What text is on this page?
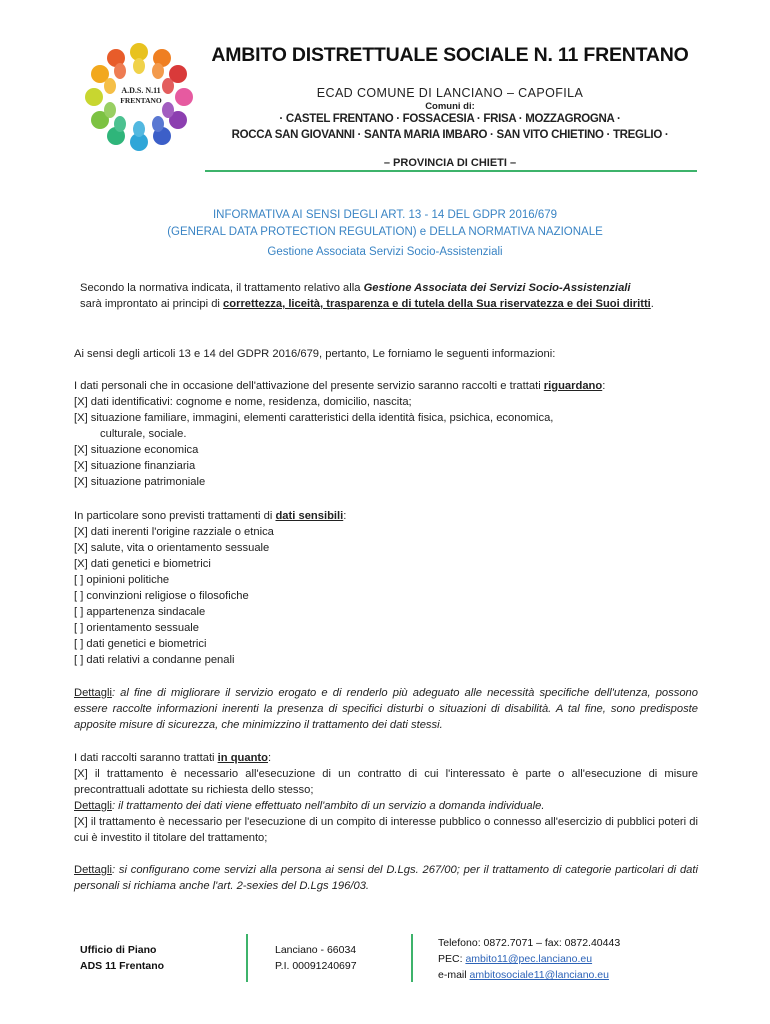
A.D.S. N.11
FRENTANO
AMBITO DISTRETTUALE SOCIALE N. 11 FRENTANO
ECAD COMUNE DI LANCIANO – CAPOFILA
Comuni di:
· CASTEL FRENTANO · FOSSACESIA · FRISA · MOZZAGROGNA ·
ROCCA SAN GIOVANNI · SANTA MARIA IMBARO · SAN VITO CHIETINO · TREGLIO ·
– PROVINCIA DI CHIETI –
INFORMATIVA AI SENSI DEGLI ART. 13 - 14 DEL GDPR 2016/679
(GENERAL DATA PROTECTION REGULATION) e DELLA NORMATIVA NAZIONALE
Gestione Associata Servizi Socio-Assistenziali

Secondo la normativa indicata, il trattamento relativo alla Gestione Associata dei Servizi Socio-Assistenziali
sarà improntato ai principi di correttezza, liceità, trasparenza e di tutela della Sua riservatezza e dei Suoi diritti.

Ai sensi degli articoli 13 e 14 del GDPR 2016/679, pertanto, Le forniamo le seguenti informazioni:

I dati personali che in occasione dell'attivazione del presente servizio saranno raccolti e trattati riguardano:

[X] dati identificativi: cognome e nome, residenza, domicilio, nascita;

[X] situazione familiare, immagini, elementi caratteristici della identità fisica, psichica, economica,

culturale, sociale.

[X] situazione economica

[X] situazione finanziaria

[X] situazione patrimoniale

In particolare sono previsti trattamenti di dati sensibili:

[X] dati inerenti l'origine razziale o etnica

[X] salute, vita o orientamento sessuale

[X] dati genetici e biometrici

[ ] opinioni politiche

[ ] convinzioni religiose o filosofiche

[ ] appartenenza sindacale

[ ] orientamento sessuale

[ ] dati genetici e biometrici

[ ] dati relativi a condanne penali

Dettagli: al fine di migliorare il servizio erogato e di renderlo più adeguato alle necessità specifiche dell'utenza, possono essere raccolte informazioni inerenti la presenza di specifici disturbi o situazioni di disabilità. A tal fine, sono predisposte apposite misure di sicurezza, che minimizzino il trattamento dei dati stessi.

I dati raccolti saranno trattati in quanto:

[X] il trattamento è necessario all'esecuzione di un contratto di cui l'interessato è parte o all'esecuzione di misure precontrattuali adottate su richiesta dello stesso;

Dettagli: il trattamento dei dati viene effettuato nell'ambito di un servizio a domanda individuale.

[X] il trattamento è necessario per l'esecuzione di un compito di interesse pubblico o connesso all'esercizio di pubblici poteri di cui è investito il titolare del trattamento;

Dettagli: si configurano come servizi alla persona ai sensi del D.Lgs. 267/00; per il trattamento di categorie particolari di dati personali si richiama anche l'art. 2-sexies del D.Lgs 196/03.

Ufficio di Piano
ADS 11 Frentano
Lanciano - 66034
P.I. 00091240697
Telefono: 0872.7071 – fax: 0872.40443
PEC: ambito11@pec.lanciano.eu
e-mail ambitosociale11@lanciano.eu
